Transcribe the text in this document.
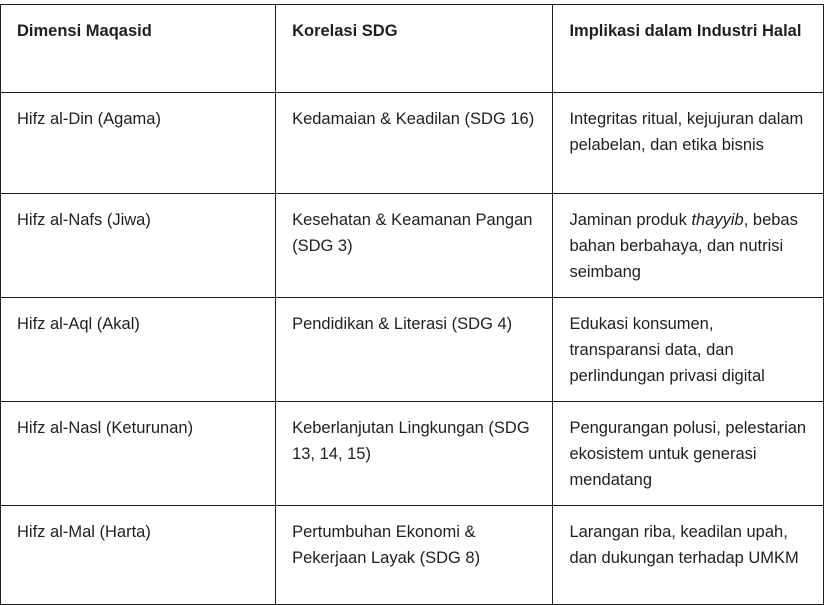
Dimensi Maqasid	Korelasi SDG	Implikasi dalam Industri Halal
Hifz al-Din (Agama)	Kedamaian & Keadilan (SDG 16)	Integritas ritual, kejujuran dalam pelabelan, dan etika bisnis
Hifz al-Nafs (Jiwa)	Kesehatan & Keamanan Pangan (SDG 3)	Jaminan produk thayyib, bebas bahan berbahaya, dan nutrisi seimbang
Hifz al-Aql (Akal)	Pendidikan & Literasi (SDG 4)	Edukasi konsumen, transparansi data, dan perlindungan privasi digital
Hifz al-Nasl (Keturunan)	Keberlanjutan Lingkungan (SDG 13, 14, 15)	Pengurangan polusi, pelestarian ekosistem untuk generasi mendatang
Hifz al-Mal (Harta)	Pertumbuhan Ekonomi & Pekerjaan Layak (SDG 8)	Larangan riba, keadilan upah, dan dukungan terhadap UMKM
